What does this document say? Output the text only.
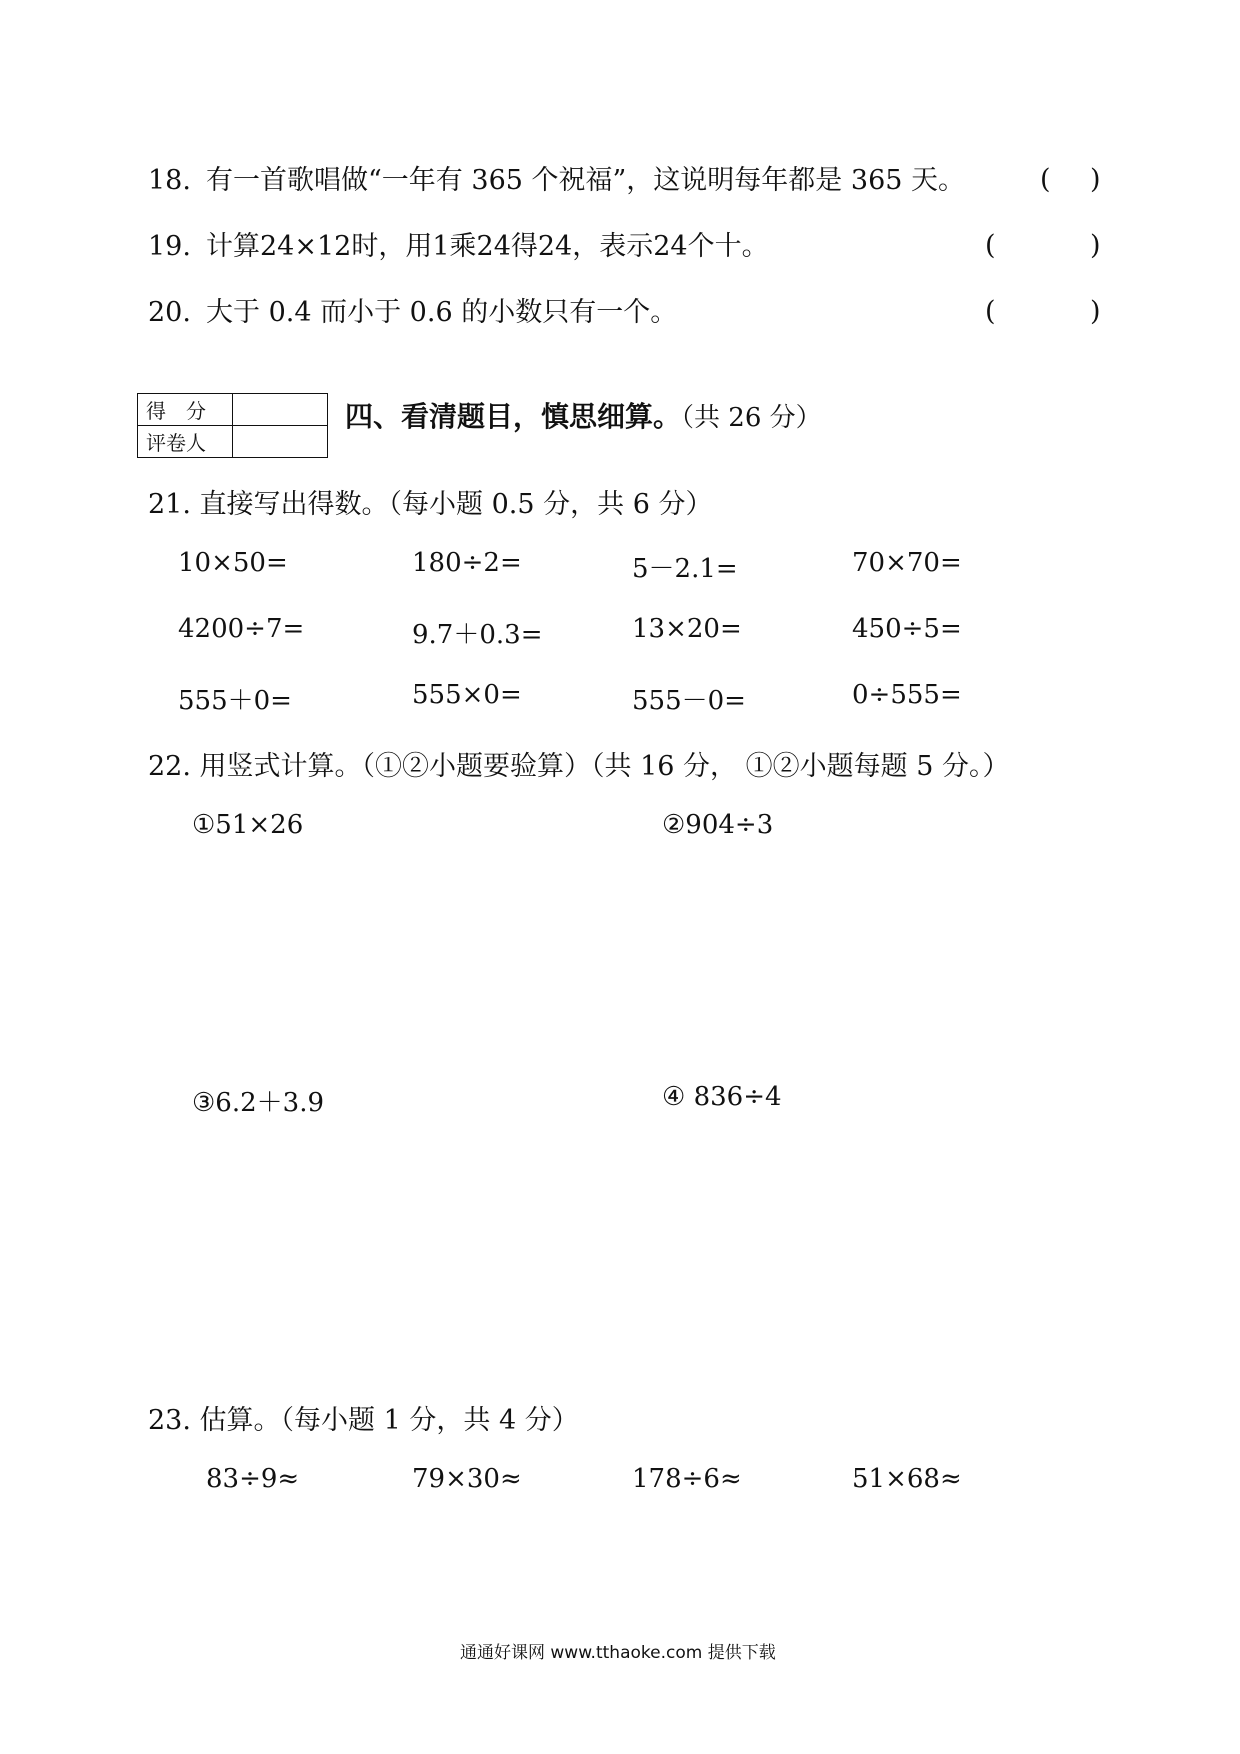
18. 有一首歌唱做“一年有 365 个祝福”，这说明每年都是 365 天。	( )
19. 计算24×12时，用1乘24得24，表示24个十。	(	)
20. 大于 0.4 而小于 0.6 的小数只有一个。	(	)
得　分	
评卷人	
四、看清题目，慎思细算。（共 26 分）
21. 直接写出得数。（每小题 0.5 分，共 6 分）
10×50=	180÷2=	5－2.1=	70×70=
4200÷7=	9.7＋0.3=	13×20=	450÷5=
555＋0=	555×0=	555－0=	0÷555=
22. 用竖式计算。（①②小题要验算）（共 16 分， ①②小题每题 5 分。）
①51×26	②904÷3
③6.2＋3.9	④ 836÷4
23. 估算。（每小题 1 分，共 4 分）
83÷9≈	79×30≈	178÷6≈	51×68≈
通通好课网 www.tthaoke.com 提供下载
